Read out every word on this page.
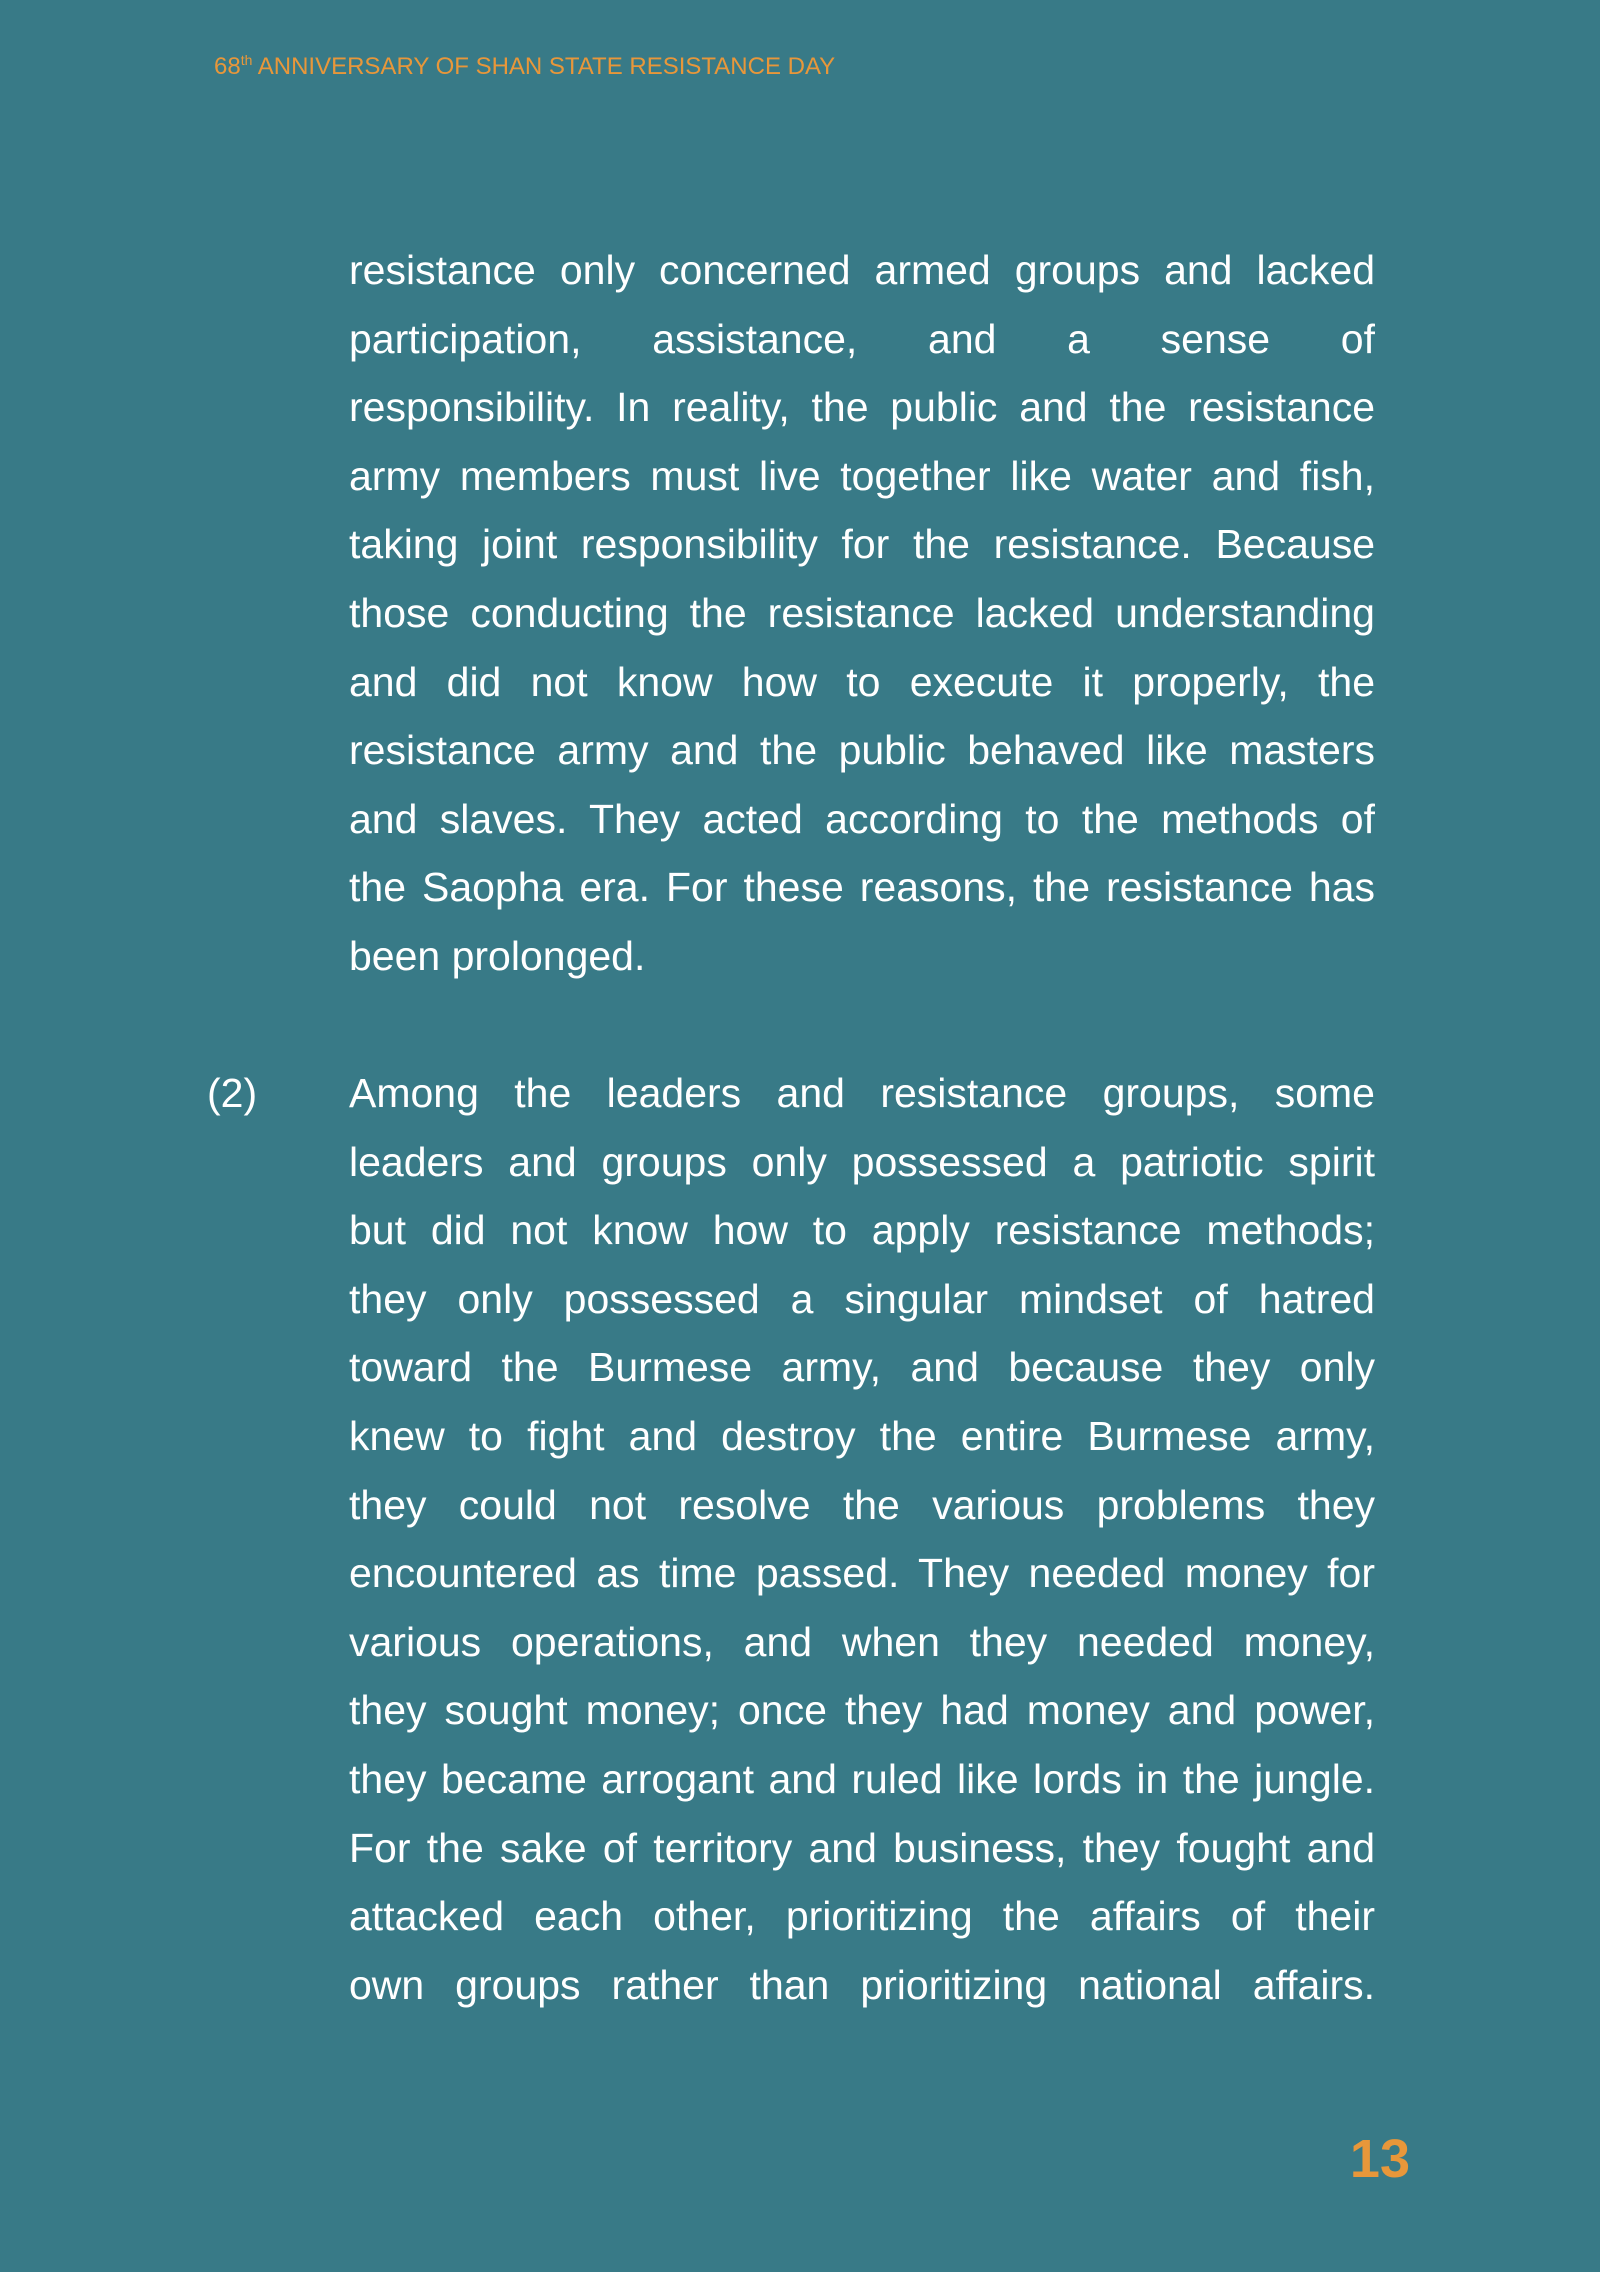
68th ANNIVERSARY OF SHAN STATE RESISTANCE DAY
resistance only concerned armed groups and lacked
participation, assistance, and a sense of
responsibility. In reality, the public and the resistance
army members must live together like water and fish,
taking joint responsibility for the resistance. Because
those conducting the resistance lacked understanding
and did not know how to execute it properly, the
resistance army and the public behaved like masters
and slaves. They acted according to the methods of
the Saopha era. For these reasons, the resistance has
been prolonged.
(2) Among the leaders and resistance groups, some
leaders and groups only possessed a patriotic spirit
but did not know how to apply resistance methods;
they only possessed a singular mindset of hatred
toward the Burmese army, and because they only
knew to fight and destroy the entire Burmese army,
they could not resolve the various problems they
encountered as time passed. They needed money for
various operations, and when they needed money,
they sought money; once they had money and power,
they became arrogant and ruled like lords in the jungle.
For the sake of territory and business, they fought and
attacked each other, prioritizing the affairs of their
own groups rather than prioritizing national affairs.
13
